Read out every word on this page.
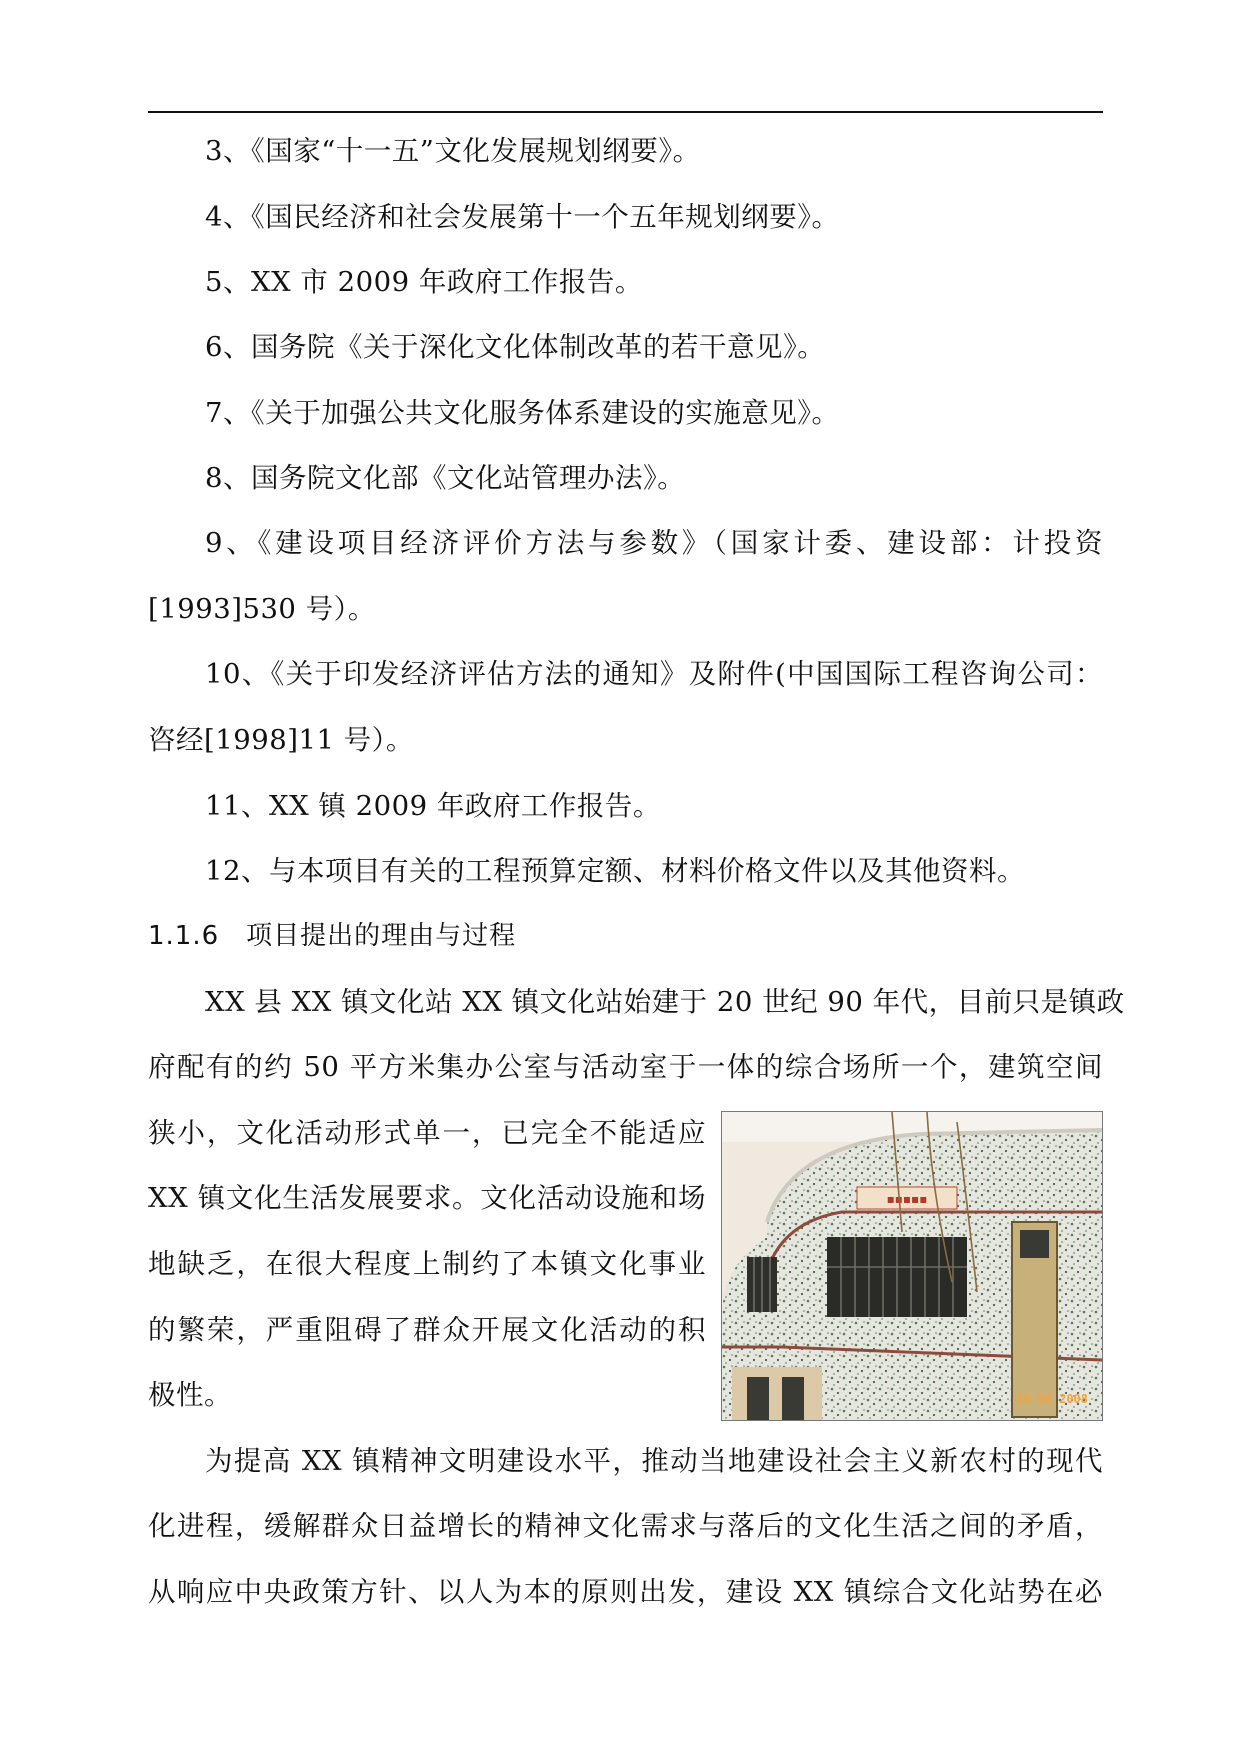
3、《国家“十一五”文化发展规划纲要》。
4、《国民经济和社会发展第十一个五年规划纲要》。
5、XX 市 2009 年政府工作报告。
6、国务院《关于深化文化体制改革的若干意见》。
7、《关于加强公共文化服务体系建设的实施意见》。
8、国务院文化部《文化站管理办法》。
9、《建设项目经济评价方法与参数》（国家计委、建设部：计投资
[1993]530 号）。
10、《关于印发经济评估方法的通知》及附件(中国国际工程咨询公司：
咨经[1998]11 号）。
11、XX 镇 2009 年政府工作报告。
12、与本项目有关的工程预算定额、材料价格文件以及其他资料。
1.1.6　项目提出的理由与过程
XX 县 XX 镇文化站 XX 镇文化站始建于 20 世纪 90 年代，目前只是镇政
府配有的约 50 平方米集办公室与活动室于一体的综合场所一个，建筑空间
狭小，文化活动形式单一，已完全不能适应
XX 镇文化生活发展要求。文化活动设施和场
地缺乏，在很大程度上制约了本镇文化事业
的繁荣，严重阻碍了群众开展文化活动的积
极性。
▪▪▪▪▪
26 06 2008
为提高 XX 镇精神文明建设水平，推动当地建设社会主义新农村的现代
化进程，缓解群众日益增长的精神文化需求与落后的文化生活之间的矛盾，
从响应中央政策方针、以人为本的原则出发，建设 XX 镇综合文化站势在必
